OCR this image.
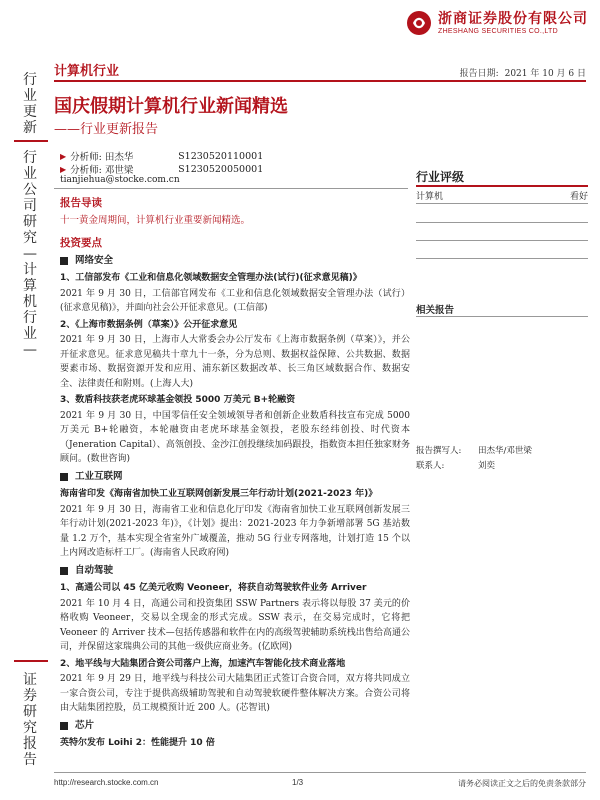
浙商证券股份有限公司
ZHESHANG SECURITIES CO.,LTD
计算机行业	报告日期: 2021 年 10 月 6 日
国庆假期计算机行业新闻精选
——行业更新报告
行业更新
行业公司研究—计算机行业—
证券研究报告
▶ 分析师: 田杰华	S1230520110001
▶ 分析师: 邓世梁	S1230520050001
tianjiehua@stocke.com.cn
报告导读
十一黄金周期间，计算机行业重要新闻精选。
投资要点
网络安全
1、工信部发布《工业和信息化领域数据安全管理办法(试行)(征求意见稿)》
2021 年 9 月 30 日，工信部官网发布《工业和信息化领域数据安全管理办法（试行）(征求意见稿)》，并面向社会公开征求意见。(工信部)
2、《上海市数据条例（草案）》公开征求意见
2021 年 9 月 30 日，上海市人大常委会办公厅发布《上海市数据条例（草案）》，并公开征求意见。征求意见稿共十章九十一条，分为总则、数据权益保障、公共数据、数据要素市场、数据资源开发和应用、浦东新区数据改革、长三角区域数据合作、数据安全、法律责任和附则。(上海人大)
3、数盾科技获老虎环球基金领投 5000 万美元 B+轮融资
2021 年 9 月 30 日，中国零信任安全领域领导者和创新企业数盾科技宣布完成 5000 万美元 B+轮融资，本轮融资由老虎环球基金领投，老股东经纬创投、时代资本（Jeneration Capital）、高瓴创投、金沙江创投继续加码跟投，指数资本担任独家财务顾问。(数世咨询)
工业互联网
海南省印发《海南省加快工业互联网创新发展三年行动计划(2021-2023 年)》
2021 年 9 月 30 日，海南省工业和信息化厅印发《海南省加快工业互联网创新发展三年行动计划(2021-2023 年)》，《计划》提出：2021-2023 年力争新增部署 5G 基站数量 1.2 万个，基本实现全省室外广域覆盖，推动 5G 行业专网落地，计划打造 15 个以上内网改造标杆工厂。(海南省人民政府网)
自动驾驶
1、高通公司以 45 亿美元收购 Veoneer，将获自动驾驶软件业务 Arriver
2021 年 10 月 4 日，高通公司和投资集团 SSW Partners 表示将以每股 37 美元的价格收购 Veoneer，交易以全现金的形式完成。SSW 表示，在交易完成时，它将把 Veoneer 的 Arriver 技术—包括传感器和软件在内的高级驾驶辅助系统栈出售给高通公司，并保留这家瑞典公司的其他一级供应商业务。(亿欧网)
2、地平线与大陆集团合资公司落户上海，加速汽车智能化技术商业落地
2021 年 9 月 29 日，地平线与科技公司大陆集团正式签订合资合同，双方将共同成立一家合资公司，专注于提供高级辅助驾驶和自动驾驶软硬件整体解决方案。合资公司将由大陆集团控股，员工规模预计近 200 人。(芯智讯)
芯片
英特尔发布 Loihi 2：性能提升 10 倍
行业评级
计算机	看好
相关报告
报告撰写人: 田杰华/邓世梁
联系人:	刘奕
http://research.stocke.com.cn	1/3	请务必阅读正文之后的免责条款部分
